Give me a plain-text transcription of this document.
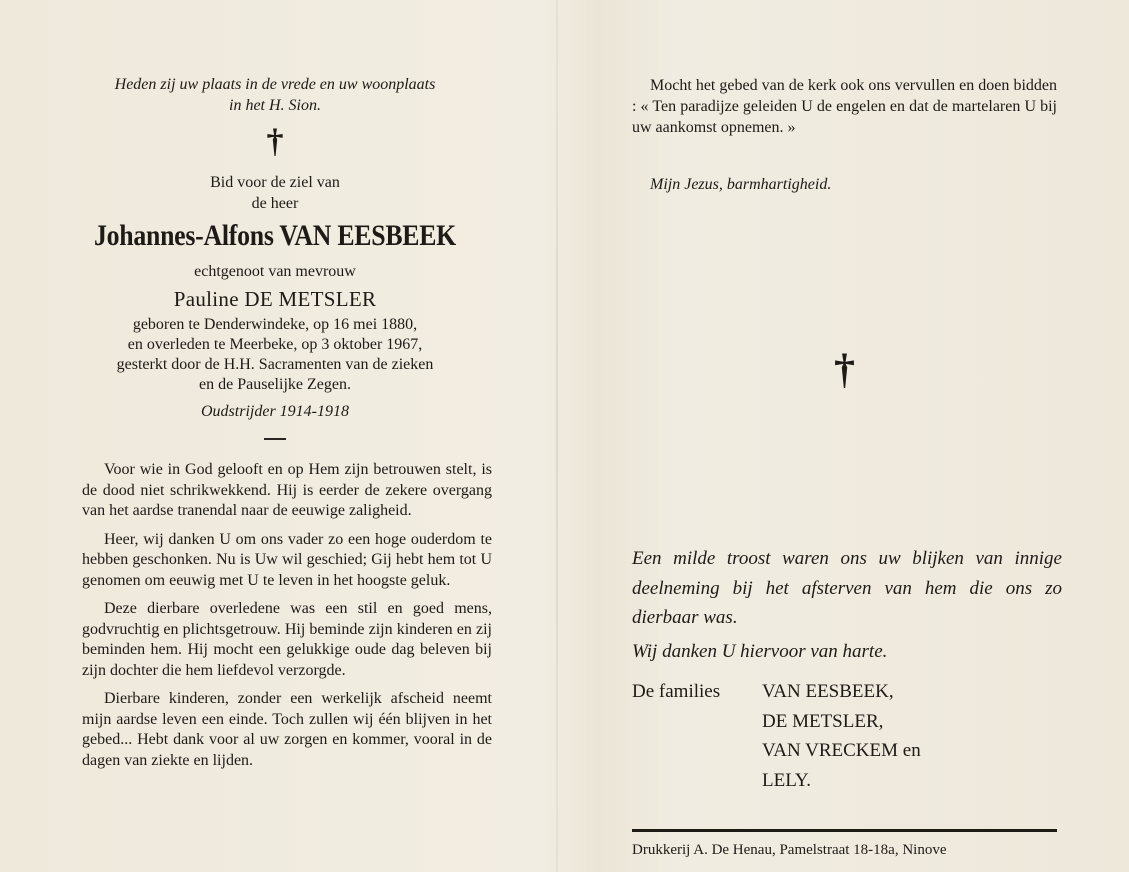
Heden zij uw plaats in de vrede en uw woonplaats
in het H. Sion.
†
Bid voor de ziel van
de heer
Johannes-Alfons VAN EESBEEK
echtgenoot van mevrouw
Pauline DE METSLER
geboren te Denderwindeke, op 16 mei 1880,
en overleden te Meerbeke, op 3 oktober 1967,
gesterkt door de H.H. Sacramenten van de zieken
en de Pauselijke Zegen.
Oudstrijder 1914-1918

Voor wie in God gelooft en op Hem zijn betrouwen stelt, is de dood niet schrikwekkend. Hij is eerder de zekere overgang van het aardse tranendal naar de eeuwige zaligheid.

Heer, wij danken U om ons vader zo een hoge ouderdom te hebben geschonken. Nu is Uw wil geschied; Gij hebt hem tot U genomen om eeuwig met U te leven in het hoogste geluk.

Deze dierbare overledene was een stil en goed mens, godvruchtig en plichtsgetrouw. Hij beminde zijn kinderen en zij beminden hem. Hij mocht een gelukkige oude dag beleven bij zijn dochter die hem liefdevol verzorgde.

Dierbare kinderen, zonder een werkelijk afscheid neemt mijn aardse leven een einde. Toch zullen wij één blijven in het gebed... Hebt dank voor al uw zorgen en kommer, vooral in de dagen van ziekte en lijden.

Mocht het gebed van de kerk ook ons vervullen en doen bidden : « Ten paradijze geleiden U de engelen en dat de martelaren U bij uw aankomst opnemen. »
Mijn Jezus, barmhartigheid.
†

Een milde troost waren ons uw blijken van innige deelneming bij het afsterven van hem die ons zo dierbaar was.

Wij danken U hiervoor van harte.

De families	VAN EESBEEK,
DE METSLER,
VAN VRECKEM en
LELY.
Drukkerij A. De Henau, Pamelstraat 18-18a, Ninove
